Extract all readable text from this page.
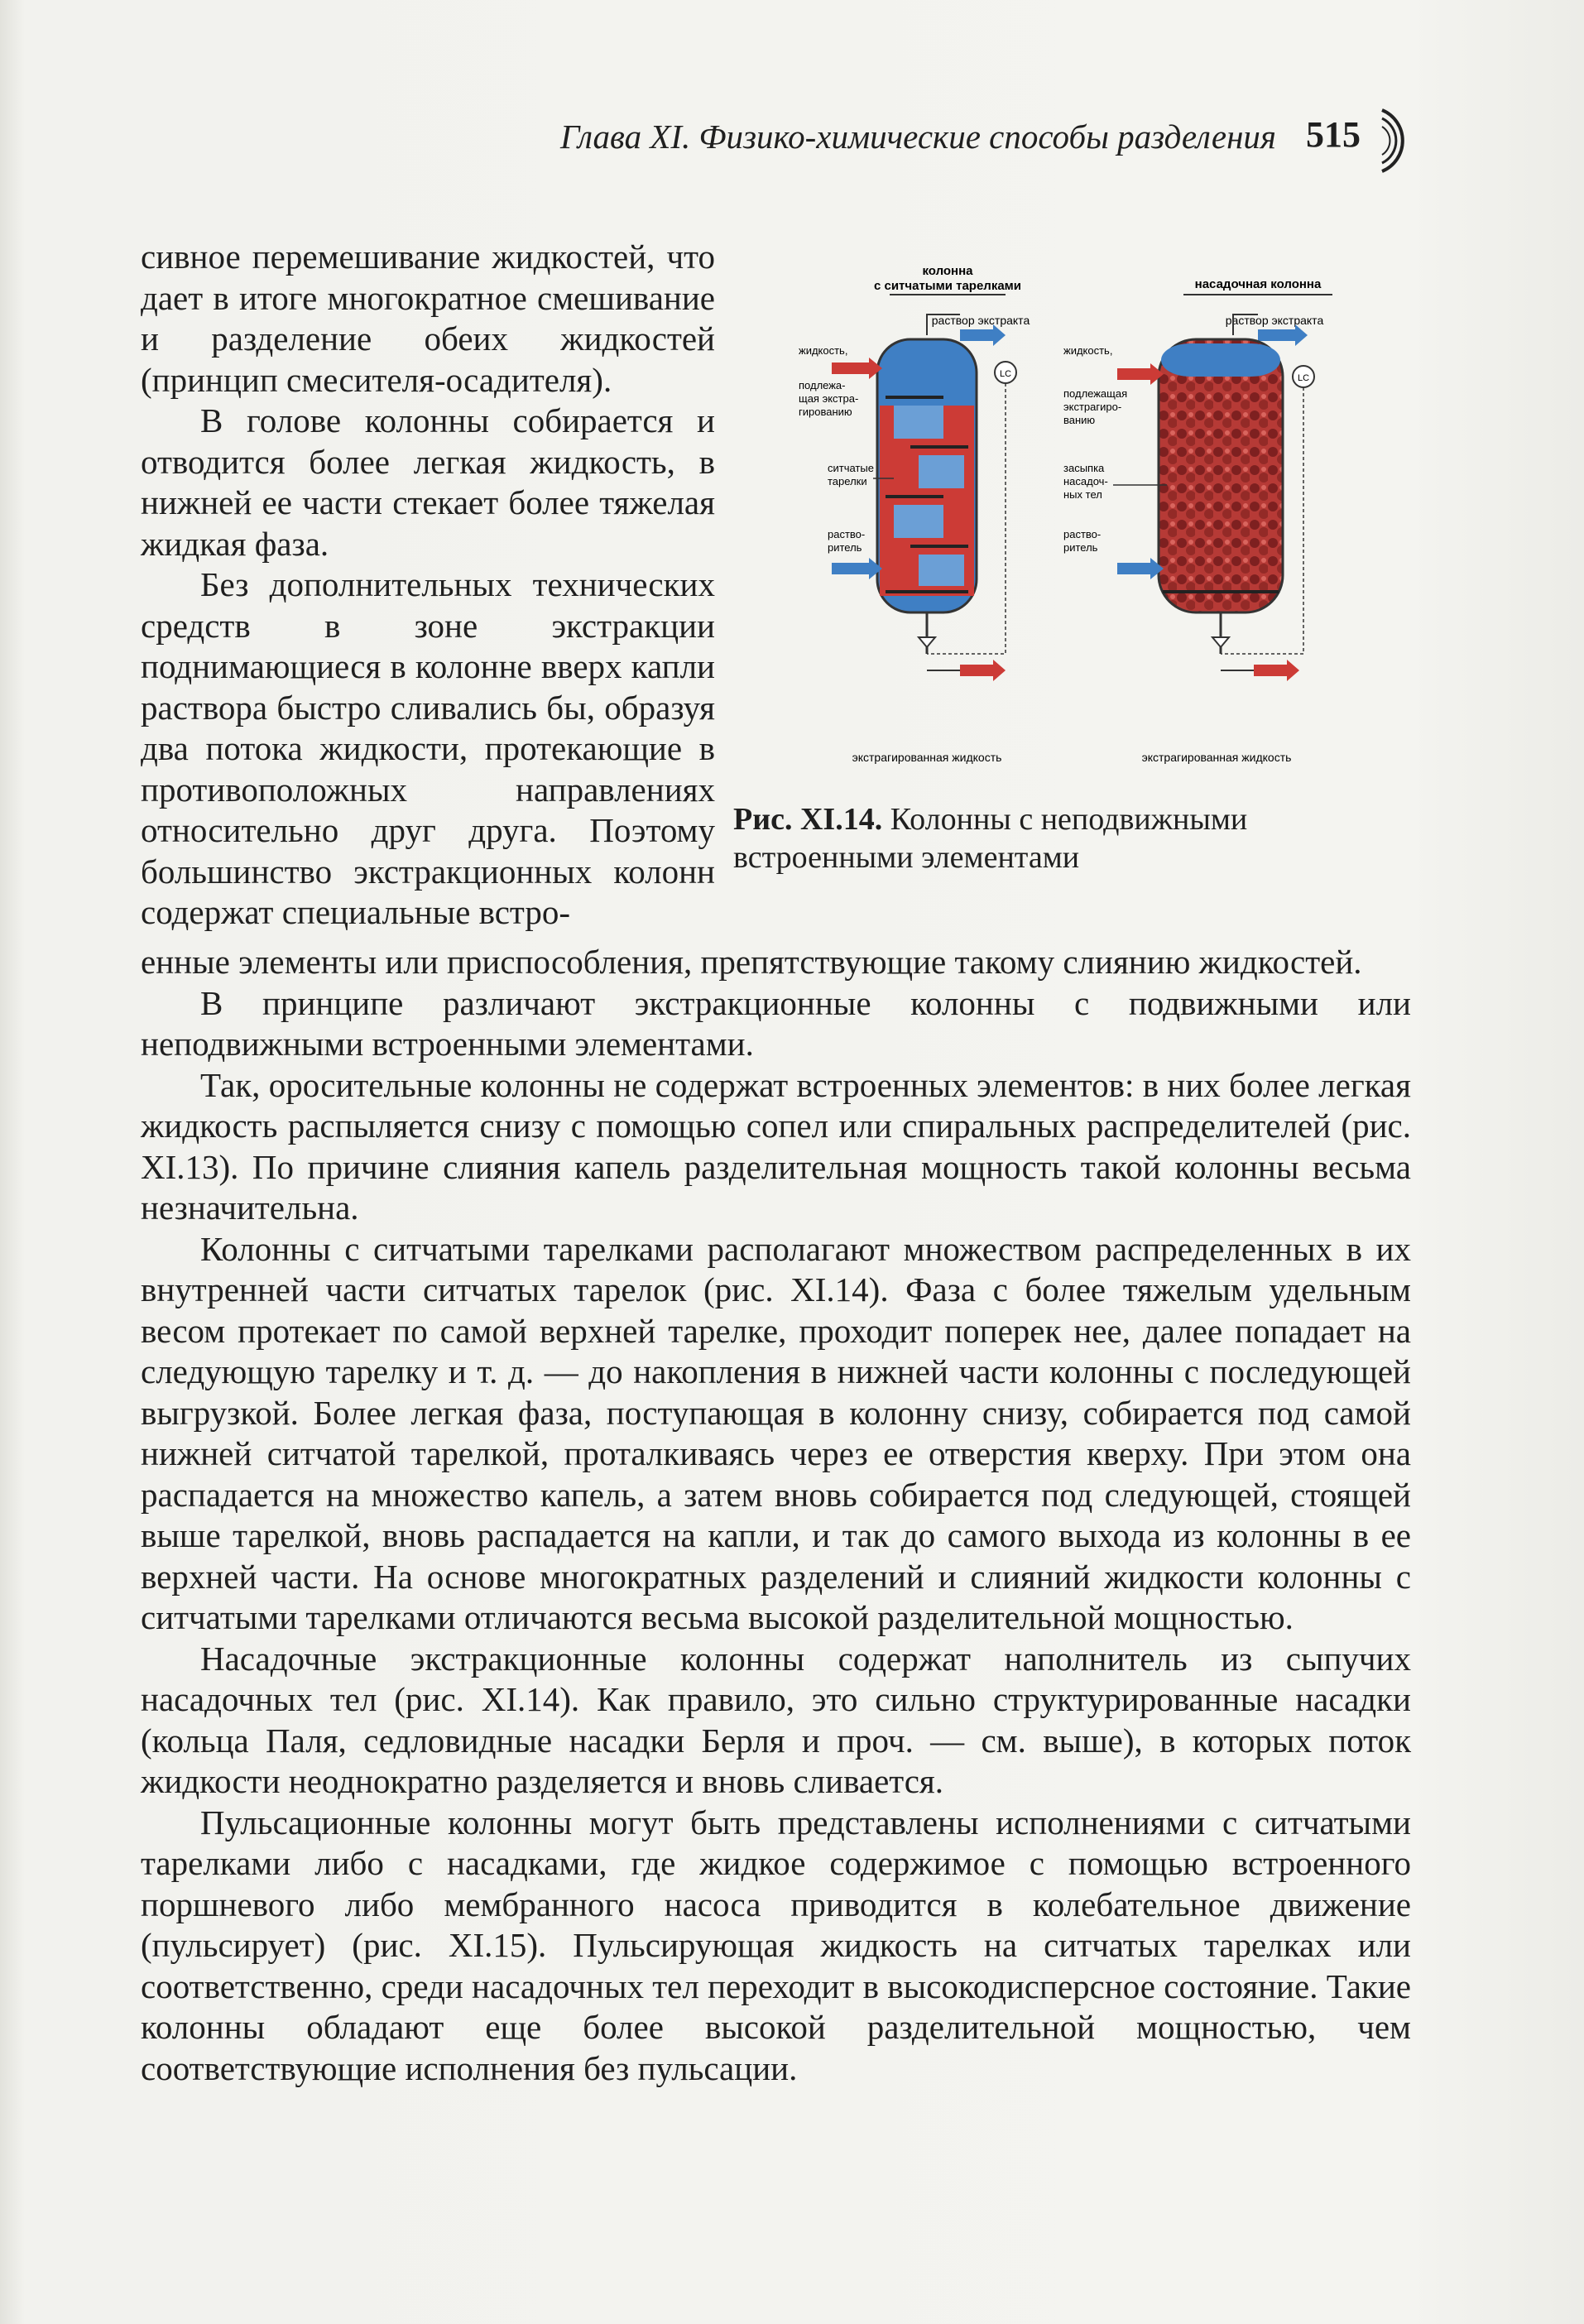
Глава XI. Физико-химические способы разделения 515

сивное перемешивание жидкостей, что дает в итоге многократное смешивание и разделение обеих жидкостей (принцип смесителя-осадителя).

В голове колонны собирается и отводится более легкая жидкость, в нижней ее части стекает более тяжелая жидкая фаза.

Без дополнительных технических средств в зоне экстракции поднимающиеся в колонне вверх капли раствора быстро сливались бы, образуя два потока жидкости, протекающие в противоположных направлениях относительно друг друга. Поэтому большинство экстракционных колонн содержат специальные встро-

колонна
с ситчатыми тарелками
раствор экстракта
жидкость,
подлежа-
щая экстра-
гированию
ситчатые
тарелки
раство-
ритель
LC
насадочная колонна
раствор экстракта
жидкость,
подлежащая
экстрагиро-
ванию
засыпка
насадоч-
ных тел
раство-
ритель
LC
экстрагированная жидкость	экстрагированная жидкость
Рис. XI.14. Колонны с неподвижными встроенными элементами

енные элементы или приспособления, препятствующие такому слиянию жидкостей.

В принципе различают экстракционные колонны с подвижными или неподвижными встроенными элементами.

Так, оросительные колонны не содержат встроенных элементов: в них более легкая жидкость распыляется снизу с помощью сопел или спиральных распределителей (рис. XI.13). По причине слияния капель разделительная мощность такой колонны весьма незначительна.

Колонны с ситчатыми тарелками располагают множеством распределенных в их внутренней части ситчатых тарелок (рис. XI.14). Фаза с более тяжелым удельным весом протекает по самой верхней тарелке, проходит поперек нее, далее попадает на следующую тарелку и т. д. — до накопления в нижней части колонны с последующей выгрузкой. Более легкая фаза, поступающая в колонну снизу, собирается под самой нижней ситчатой тарелкой, проталкиваясь через ее отверстия кверху. При этом она распадается на множество капель, а затем вновь собирается под следующей, стоящей выше тарелкой, вновь распадается на капли, и так до самого выхода из колонны в ее верхней части. На основе многократных разделений и слияний жидкости колонны с ситчатыми тарелками отличаются весьма высокой разделительной мощностью.

Насадочные экстракционные колонны содержат наполнитель из сыпучих насадочных тел (рис. XI.14). Как правило, это сильно структурированные насадки (кольца Паля, седловидные насадки Берля и проч. — см. выше), в которых поток жидкости неоднократно разделяется и вновь сливается.

Пульсационные колонны могут быть представлены исполнениями с ситчатыми тарелками либо с насадками, где жидкое содержимое с помощью встроенного поршневого либо мембранного насоса приводится в колебательное движение (пульсирует) (рис. XI.15). Пульсирующая жидкость на ситчатых тарелках или соответственно, среди насадочных тел переходит в высокодисперсное состояние. Такие колонны обладают еще более высокой разделительной мощностью, чем соответствующие исполнения без пульсации.
